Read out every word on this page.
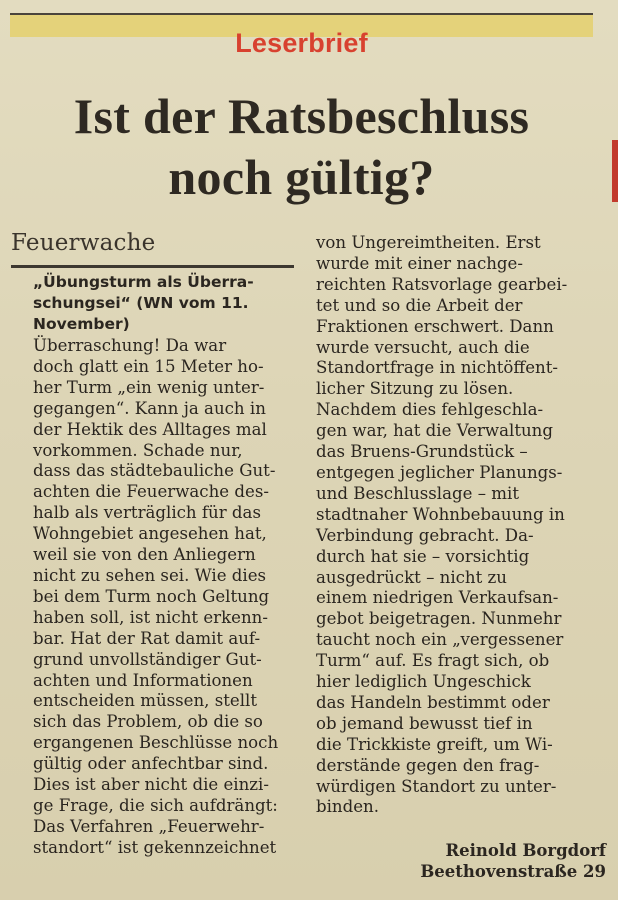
Leserbrief
Ist der Ratsbeschluss
noch gültig?
Feuerwache
„Übungsturm als Überra-
schungsei“ (WN vom 11.
November)
Überraschung! Da war
doch glatt ein 15 Meter ho-
her Turm „ein wenig unter-
gegangen“. Kann ja auch in
der Hektik des Alltages mal
vorkommen. Schade nur,
dass das städtebauliche Gut-
achten die Feuerwache des-
halb als verträglich für das
Wohngebiet angesehen hat,
weil sie von den Anliegern
nicht zu sehen sei. Wie dies
bei dem Turm noch Geltung
haben soll, ist nicht erkenn-
bar. Hat der Rat damit auf-
grund unvollständiger Gut-
achten und Informationen
entscheiden müssen, stellt
sich das Problem, ob die so
ergangenen Beschlüsse noch
gültig oder anfechtbar sind.
Dies ist aber nicht die einzi-
ge Frage, die sich aufdrängt:
Das Verfahren „Feuerwehr-
standort“ ist gekennzeichnet
von Ungereimtheiten. Erst
wurde mit einer nachge-
reichten Ratsvorlage gearbei-
tet und so die Arbeit der
Fraktionen erschwert. Dann
wurde versucht, auch die
Standortfrage in nichtöffent-
licher Sitzung zu lösen.
Nachdem dies fehlgeschla-
gen war, hat die Verwaltung
das Bruens-Grundstück –
entgegen jeglicher Planungs-
und Beschlusslage – mit
stadtnaher Wohnbebauung in
Verbindung gebracht. Da-
durch hat sie – vorsichtig
ausgedrückt – nicht zu
einem niedrigen Verkaufsan-
gebot beigetragen. Nunmehr
taucht noch ein „vergessener
Turm“ auf. Es fragt sich, ob
hier lediglich Ungeschick
das Handeln bestimmt oder
ob jemand bewusst tief in
die Trickkiste greift, um Wi-
derstände gegen den frag-
würdigen Standort zu unter-
binden.
Reinold Borgdorf
Beethovenstraße 29
